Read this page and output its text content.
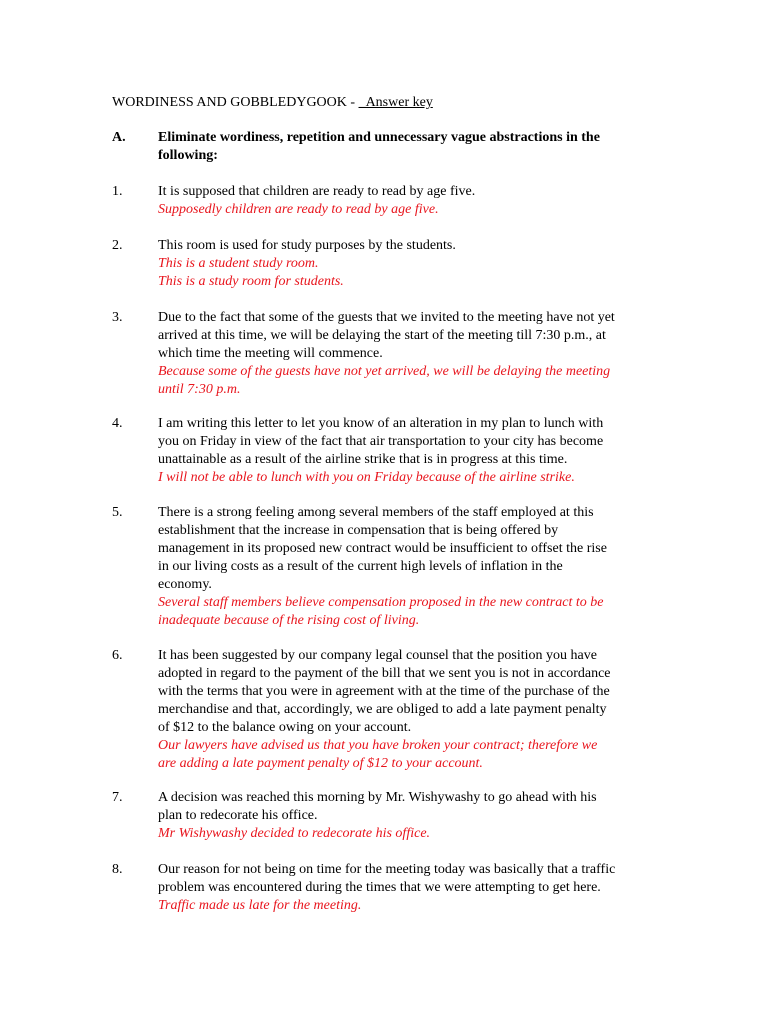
WORDINESS AND GOBBLEDYGOOK - _Answer key
A. Eliminate wordiness, repetition and unnecessary vague abstractions in the
following:
1.	It is supposed that children are ready to read by age five.
Supposedly children are ready to read by age five.
2.	This room is used for study purposes by the students.
This is a student study room.
This is a study room for students.
3.	Due to the fact that some of the guests that we invited to the meeting have not yet
arrived at this time, we will be delaying the start of the meeting till 7:30 p.m., at
which time the meeting will commence.
Because some of the guests have not yet arrived, we will be delaying the meeting
until 7:30 p.m.
4.	I am writing this letter to let you know of an alteration in my plan to lunch with
you on Friday in view of the fact that air transportation to your city has become
unattainable as a result of the airline strike that is in progress at this time.
I will not be able to lunch with you on Friday because of the airline strike.
5.	There is a strong feeling among several members of the staff employed at this
establishment that the increase in compensation that is being offered by
management in its proposed new contract would be insufficient to offset the rise
in our living costs as a result of the current high levels of inflation in the
economy.
Several staff members believe compensation proposed in the new contract to be
inadequate because of the rising cost of living.
6.	It has been suggested by our company legal counsel that the position you have
adopted in regard to the payment of the bill that we sent you is not in accordance
with the terms that you were in agreement with at the time of the purchase of the
merchandise and that, accordingly, we are obliged to add a late payment penalty
of $12 to the balance owing on your account.
Our lawyers have advised us that you have broken your contract; therefore we
are adding a late payment penalty of $12 to your account.
7.	A decision was reached this morning by Mr. Wishywashy to go ahead with his
plan to redecorate his office.
Mr Wishywashy decided to redecorate his office.
8.	Our reason for not being on time for the meeting today was basically that a traffic
problem was encountered during the times that we were attempting to get here.
Traffic made us late for the meeting.
